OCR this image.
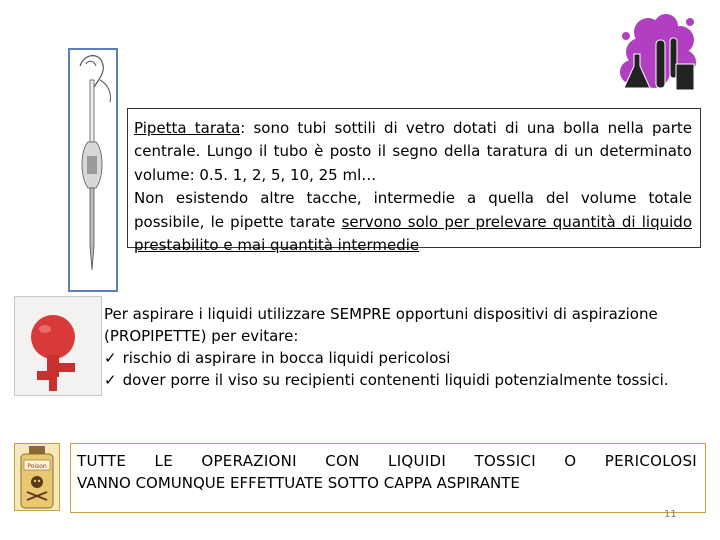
Pipetta tarata: sono tubi sottili di vetro dotati di una bolla nella parte centrale. Lungo il tubo è posto il segno della taratura di un determinato volume: 0.5. 1, 2, 5, 10, 25 ml…
Non esistendo altre tacche, intermedie a quella del volume totale possibile, le pipette tarate servono solo per prelevare quantità di liquido prestabilito e mai quantità intermedie
Per aspirare i liquidi utilizzare SEMPRE opportuni dispositivi di aspirazione (PROPIPETTE) per evitare:
✓ rischio di aspirare in bocca liquidi pericolosi
✓ dover porre il viso su recipienti contenenti liquidi potenzialmente tossici.
Poison TUTTE LE OPERAZIONI CON LIQUIDI TOSSICI O PERICOLOSI
VANNO COMUNQUE EFFETTUATE SOTTO CAPPA ASPIRANTE
11
